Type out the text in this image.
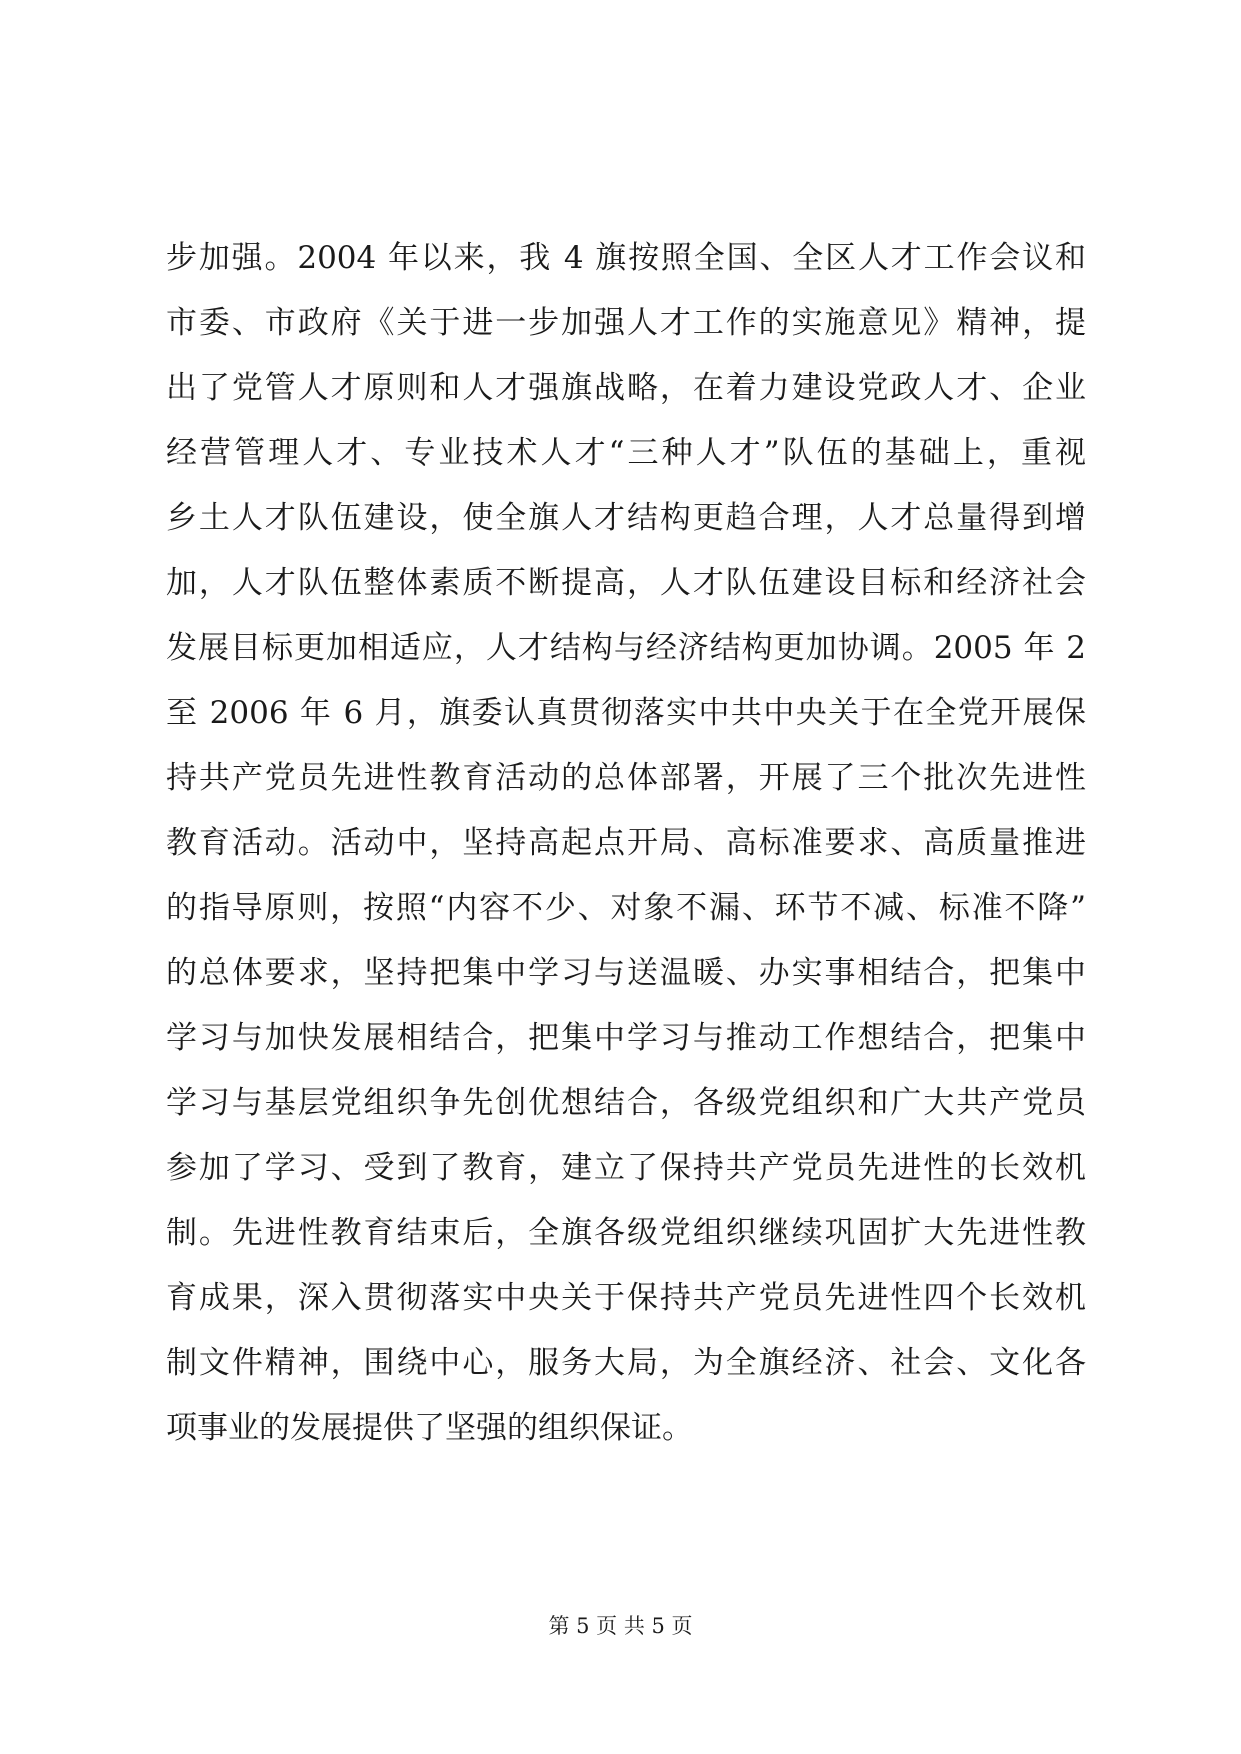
步加强。2004 年以来，我 4 旗按照全国、全区人才工作会议和
市委、市政府《关于进一步加强人才工作的实施意见》精神，提
出了党管人才原则和人才强旗战略，在着力建设党政人才、企业
经营管理人才、专业技术人才“三种人才”队伍的基础上，重视
乡土人才队伍建设，使全旗人才结构更趋合理，人才总量得到增
加，人才队伍整体素质不断提高，人才队伍建设目标和经济社会
发展目标更加相适应，人才结构与经济结构更加协调。2005 年 2
至 2006 年 6 月，旗委认真贯彻落实中共中央关于在全党开展保
持共产党员先进性教育活动的总体部署，开展了三个批次先进性
教育活动。活动中，坚持高起点开局、高标准要求、高质量推进
的指导原则，按照“内容不少、对象不漏、环节不减、标准不降”
的总体要求，坚持把集中学习与送温暖、办实事相结合，把集中
学习与加快发展相结合，把集中学习与推动工作想结合，把集中
学习与基层党组织争先创优想结合，各级党组织和广大共产党员
参加了学习、受到了教育，建立了保持共产党员先进性的长效机
制。先进性教育结束后，全旗各级党组织继续巩固扩大先进性教
育成果，深入贯彻落实中央关于保持共产党员先进性四个长效机
制文件精神，围绕中心，服务大局，为全旗经济、社会、文化各
项事业的发展提供了坚强的组织保证。
第 5 页 共 5 页
